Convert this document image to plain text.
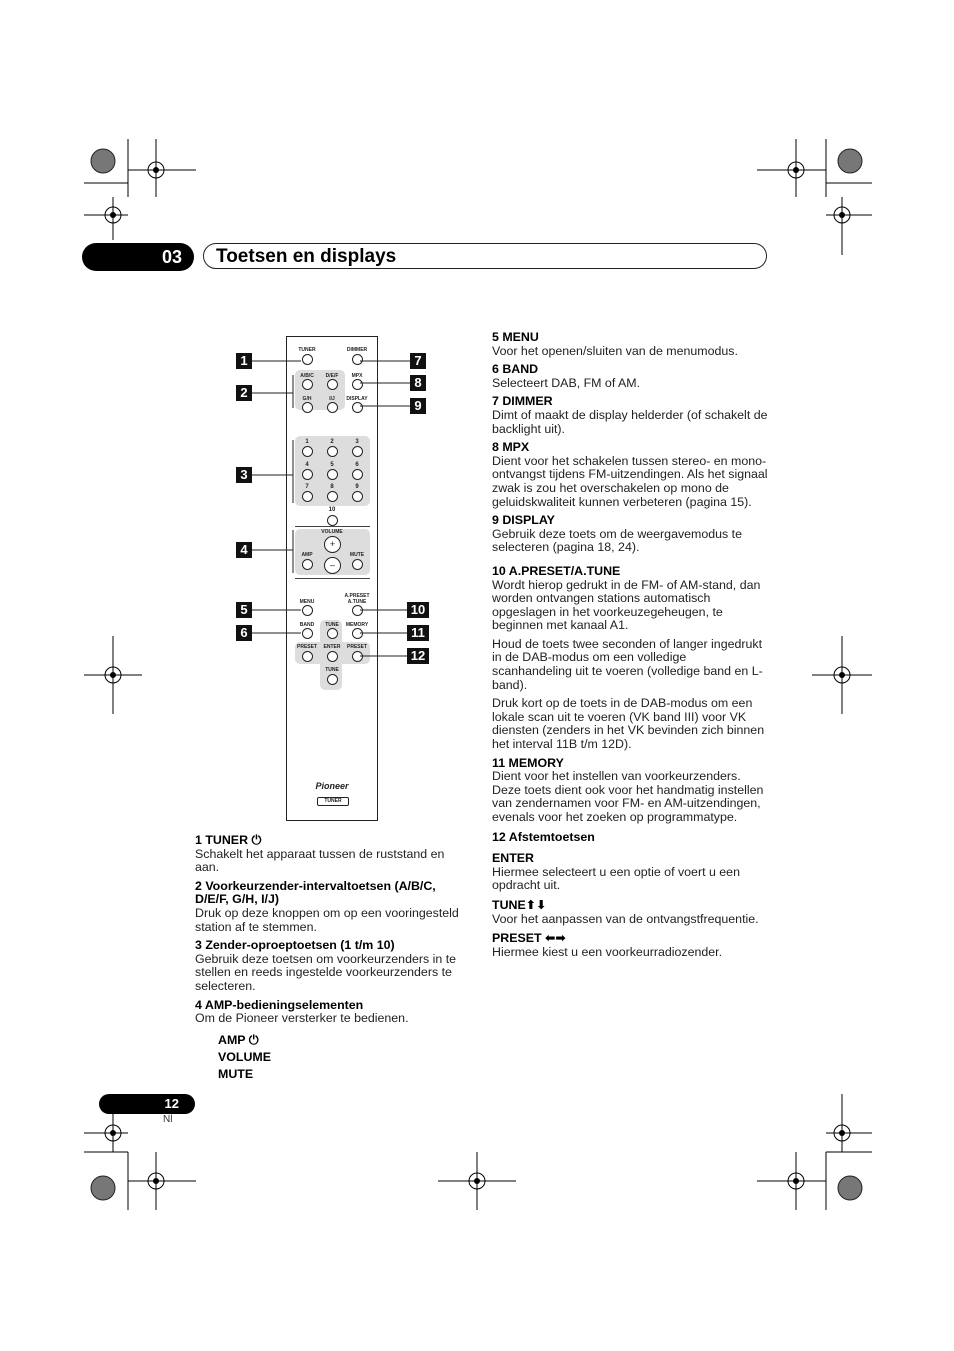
03	Toetsen en displays
TUNER	DIMMER
A/B/C D/E/F
G/H	I/J
MPX
DISPLAY
1	2	3
4	5	6
7	8	9
10
VOLUME
+
–
AMP	MUTE
MENU
A.PRESET
A.TUNE
BAND TUNE MEMORY
PRESET ENTER PRESET
TUNE
Pioneer
TUNER
1
2
3
4
5
6
7
8
9
10
11
12
1 TUNER ⏻
Schakelt het apparaat tussen de ruststand en aan.
2 Voorkeurzender-intervaltoetsen (A/B/C, D/E/F, G/H, I/J)
Druk op deze knoppen om op een vooringesteld station af te stemmen.
3 Zender-oproeptoetsen (1 t/m 10)
Gebruik deze toetsen om voorkeurzenders in te stellen en reeds ingestelde voorkeurzenders te selecteren.
4 AMP-bedieningselementen
Om de Pioneer versterker te bedienen.
AMP ⏻
VOLUME
MUTE
5 MENU
Voor het openen/sluiten van de menumodus.
6 BAND
Selecteert DAB, FM of AM.
7 DIMMER
Dimt of maakt de display helderder (of schakelt de backlight uit).
8 MPX
Dient voor het schakelen tussen stereo- en mono-ontvangst tijdens FM-uitzendingen. Als het signaal zwak is zou het overschakelen op mono de geluidskwaliteit kunnen verbeteren (pagina 15).
9 DISPLAY
Gebruik deze toets om de weergavemodus te selecteren (pagina 18, 24).
10 A.PRESET/A.TUNE
Wordt hierop gedrukt in de FM- of AM-stand, dan worden ontvangen stations automatisch opgeslagen in het voorkeuzegeheugen, te beginnen met kanaal A1.
Houd de toets twee seconden of langer ingedrukt in de DAB-modus om een volledige scanhandeling uit te voeren (volledige band en L-band).
Druk kort op de toets in de DAB-modus om een lokale scan uit te voeren (VK band III) voor VK diensten (zenders in het VK bevinden zich binnen het interval 11B t/m 12D).
11 MEMORY
Dient voor het instellen van voorkeurzenders. Deze toets dient ook voor het handmatig instellen van zendernamen voor FM- en AM-uitzendingen, evenals voor het zoeken op programmatype.
12 Afstemtoetsen
ENTER
Hiermee selecteert u een optie of voert u een opdracht uit.
TUNE⬆⬇
Voor het aanpassen van de ontvangstfrequentie.
PRESET ⬅➡
Hiermee kiest u een voorkeurradiozender.
12
Nl
